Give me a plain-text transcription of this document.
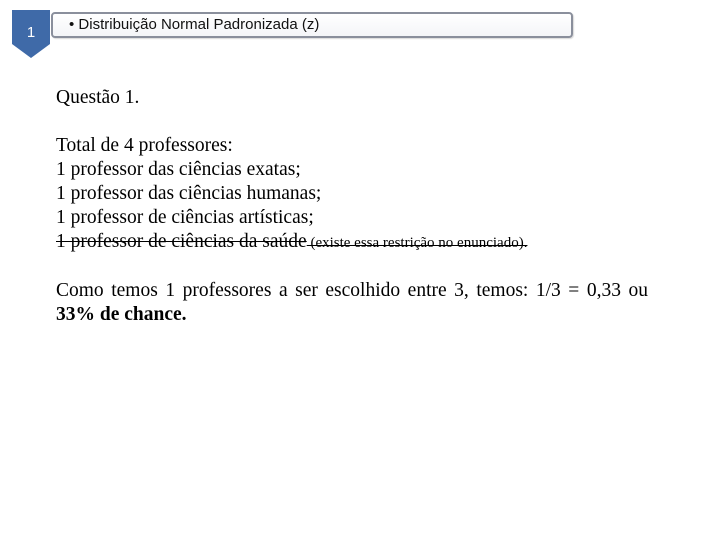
1	• Distribuição Normal Padronizada (z)
Questão 1.
Total de 4 professores:
1 professor das ciências exatas;
1 professor das ciências humanas;
1 professor de ciências artísticas;
1 professor de ciências da saúde (existe essa restrição no enunciado).
Como temos 1 professores a ser escolhido entre 3, temos: 1/3 = 0,33 ou 33% de chance.
